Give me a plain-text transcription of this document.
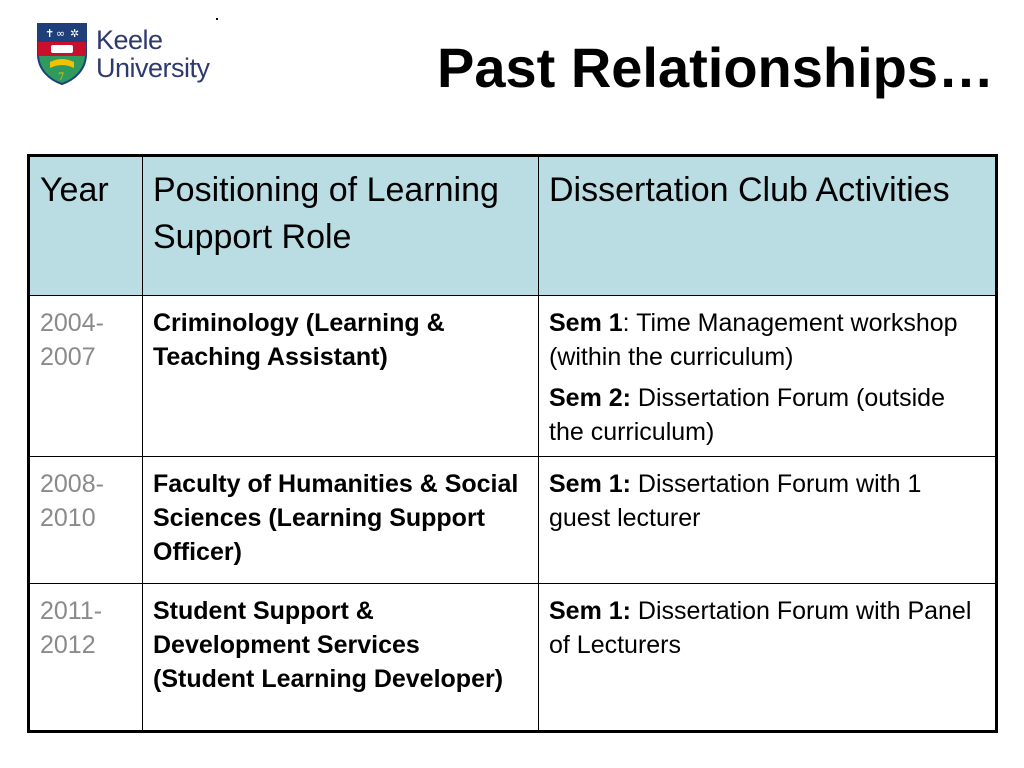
✝ ∞ ✲
7
Keele
University	Past Relationships…
Year	Positioning of Learning Support Role	Dissertation Club Activities
2004-2007	Criminology (Learning & Teaching Assistant)	Sem 1: Time Management workshop (within the curriculum)

Sem 2: Dissertation Forum (outside the curriculum)

2008-2010	Faculty of Humanities & Social Sciences (Learning Support Officer)	Sem 1: Dissertation Forum with 1 guest lecturer

2011-2012	Student Support & Development Services (Student Learning Developer)	Sem 1: Dissertation Forum with Panel of Lecturers
